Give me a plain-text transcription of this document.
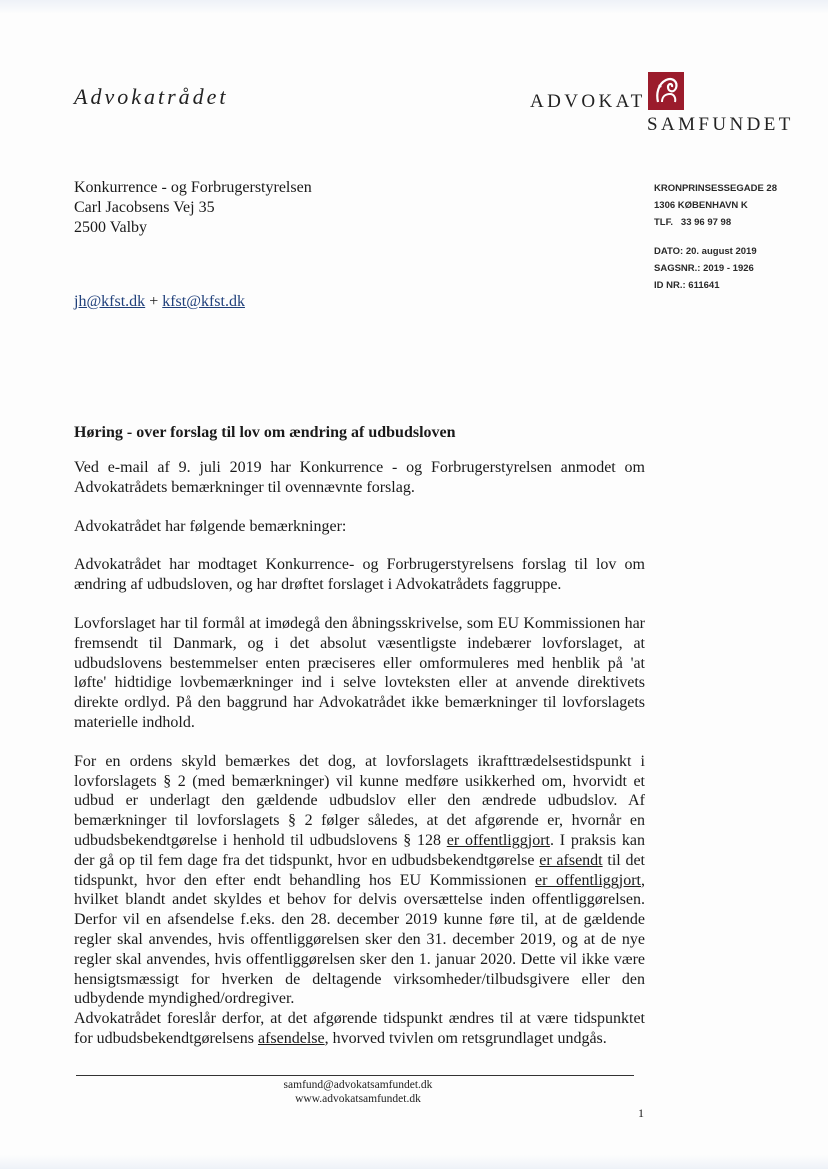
Advokatrådet	ADVOKAT
SAMFUNDET
Konkurrence - og Forbrugerstyrelsen
Carl Jacobsens Vej 35
2500 Valby
KRONPRINSESSEGADE 28
1306 KØBENHAVN K
TLF.   33 96 97 98
DATO: 20. august 2019
SAGSNR.: 2019 - 1926
ID NR.: 611641
jh@kfst.dk + kfst@kfst.dk
Høring - over forslag til lov om ændring af udbudsloven

Ved e-mail af 9. juli 2019 har Konkurrence - og Forbrugerstyrelsen anmodet om Advokatrådets bemærkninger til ovennævnte forslag.

Advokatrådet har følgende bemærkninger:

Advokatrådet har modtaget Konkurrence- og Forbrugerstyrelsens forslag til lov om ændring af udbudsloven, og har drøftet forslaget i Advokatrådets faggruppe.

Lovforslaget har til formål at imødegå den åbningsskrivelse, som EU Kommissionen har fremsendt til Danmark, og i det absolut væsentligste indebærer lovforslaget, at udbudslovens bestemmelser enten præciseres eller omformuleres med henblik på 'at løfte' hidtidige lovbemærkninger ind i selve lovteksten eller at anvende direktivets direkte ordlyd. På den baggrund har Advokatrådet ikke bemærkninger til lovforslagets materielle indhold.

For en ordens skyld bemærkes det dog, at lovforslagets ikrafttrædelsestidspunkt i lovforslagets § 2 (med bemærkninger) vil kunne medføre usikkerhed om, hvorvidt et udbud er underlagt den gældende udbudslov eller den ændrede udbudslov. Af bemærkninger til lovforslagets § 2 følger således, at det afgørende er, hvornår en udbudsbekendtgørelse i henhold til udbudslovens § 128 er offentliggjort. I praksis kan der gå op til fem dage fra det tidspunkt, hvor en udbudsbekendtgørelse er afsendt til det tidspunkt, hvor den efter endt behandling hos EU Kommissionen er offentliggjort, hvilket blandt andet skyldes et behov for delvis oversættelse inden offentliggørelsen. Derfor vil en afsendelse f.eks. den 28. december 2019 kunne føre til, at de gældende regler skal anvendes, hvis offentliggørelsen sker den 31. december 2019, og at de nye regler skal anvendes, hvis offentliggørelsen sker den 1. januar 2020. Dette vil ikke være hensigtsmæssigt for hverken de deltagende virksomheder/tilbudsgivere eller den udbydende myndighed/ordregiver.

Advokatrådet foreslår derfor, at det afgørende tidspunkt ændres til at være tidspunktet for udbudsbekendtgørelsens afsendelse, hvorved tvivlen om retsgrundlaget undgås.

samfund@advokatsamfundet.dk
www.advokatsamfundet.dk
1
